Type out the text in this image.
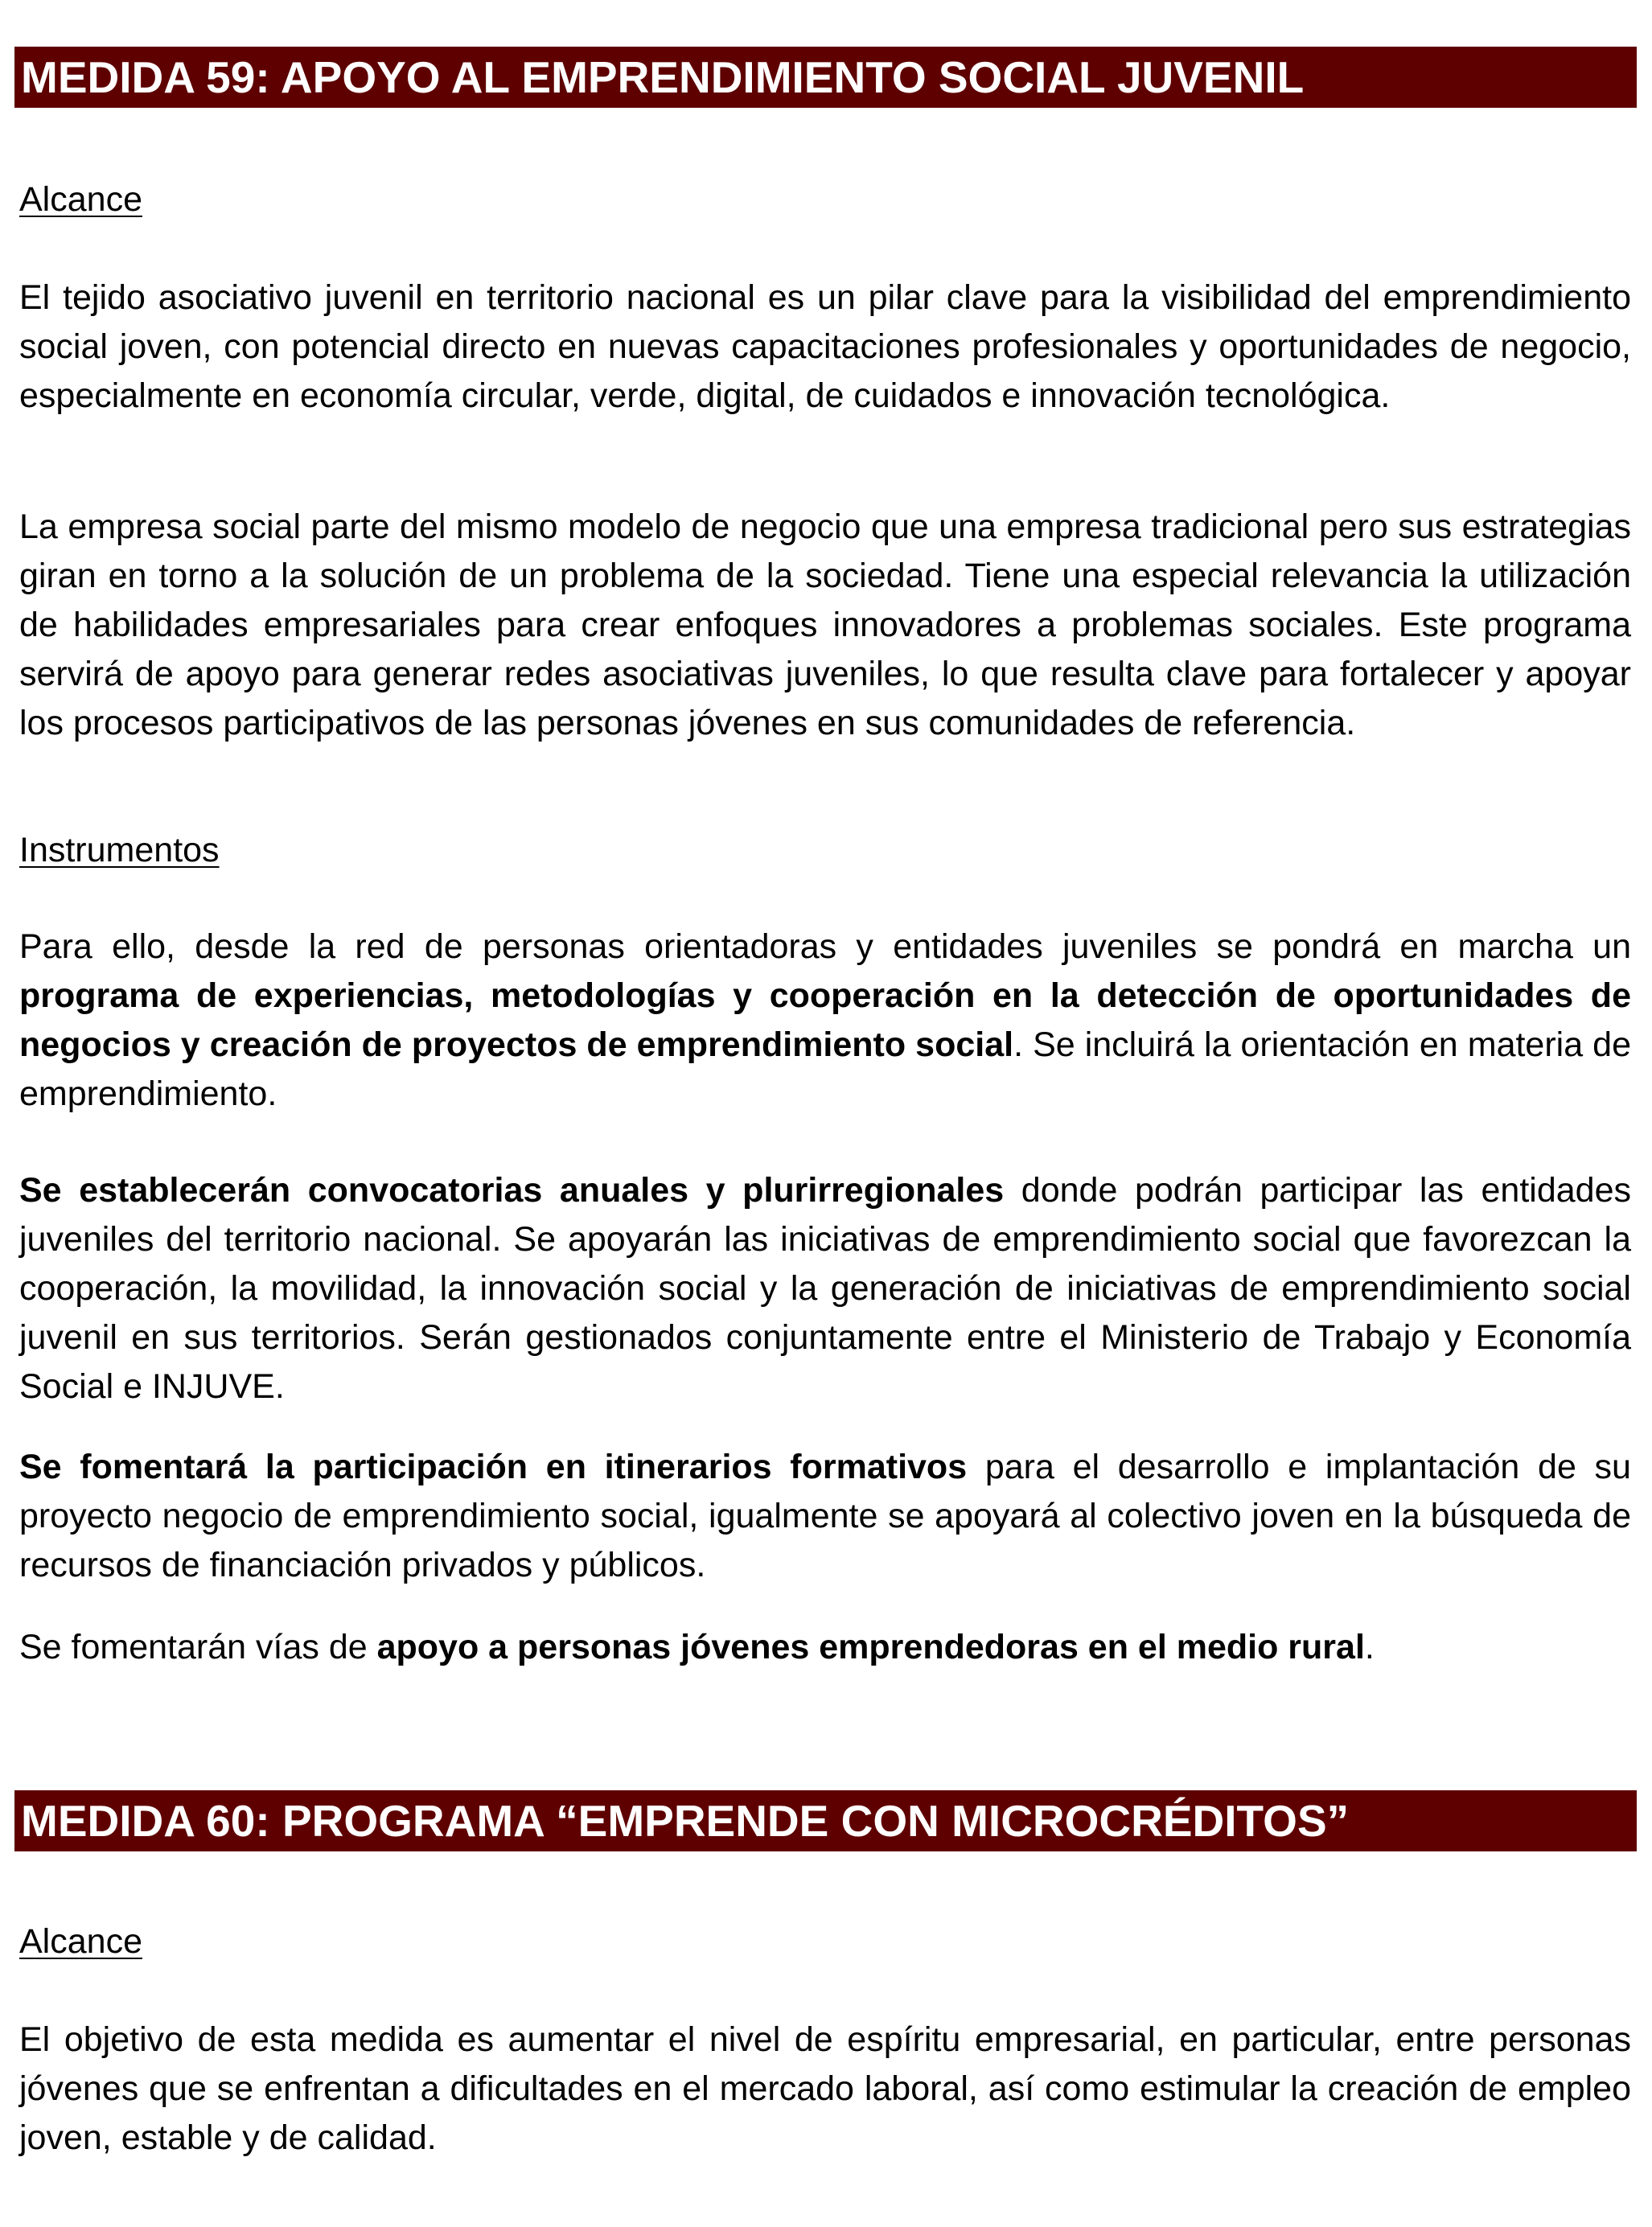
MEDIDA 59: APOYO AL EMPRENDIMIENTO SOCIAL JUVENIL
Alcance

El tejido asociativo juvenil en territorio nacional es un pilar clave para la visibilidad del emprendimiento social joven, con potencial directo en nuevas capacitaciones profesionales y oportunidades de negocio, especialmente en economía circular, verde, digital, de cuidados e innovación tecnológica.

La empresa social parte del mismo modelo de negocio que una empresa tradicional pero sus estrategias giran en torno a la solución de un problema de la sociedad. Tiene una especial relevancia la utilización de habilidades empresariales para crear enfoques innovadores a problemas sociales. Este programa servirá de apoyo para generar redes asociativas juveniles, lo que resulta clave para fortalecer y apoyar los procesos participativos de las personas jóvenes en sus comunidades de referencia.

Instrumentos

Para ello, desde la red de personas orientadoras y entidades juveniles se pondrá en marcha un programa de experiencias, metodologías y cooperación en la detección de oportunidades de negocios y creación de proyectos de emprendimiento social. Se incluirá la orientación en materia de emprendimiento.

Se establecerán convocatorias anuales y plurirregionales donde podrán participar las entidades juveniles del territorio nacional. Se apoyarán las iniciativas de emprendimiento social que favorezcan la cooperación, la movilidad, la innovación social y la generación de iniciativas de emprendimiento social juvenil en sus territorios. Serán gestionados conjuntamente entre el Ministerio de Trabajo y Economía Social e INJUVE.

Se fomentará la participación en itinerarios formativos para el desarrollo e implantación de su proyecto negocio de emprendimiento social, igualmente se apoyará al colectivo joven en la búsqueda de recursos de financiación privados y públicos.

Se fomentarán vías de apoyo a personas jóvenes emprendedoras en el medio rural.

MEDIDA 60: PROGRAMA “EMPRENDE CON MICROCRÉDITOS”
Alcance

El objetivo de esta medida es aumentar el nivel de espíritu empresarial, en particular, entre personas jóvenes que se enfrentan a dificultades en el mercado laboral, así como estimular la creación de empleo joven, estable y de calidad.
